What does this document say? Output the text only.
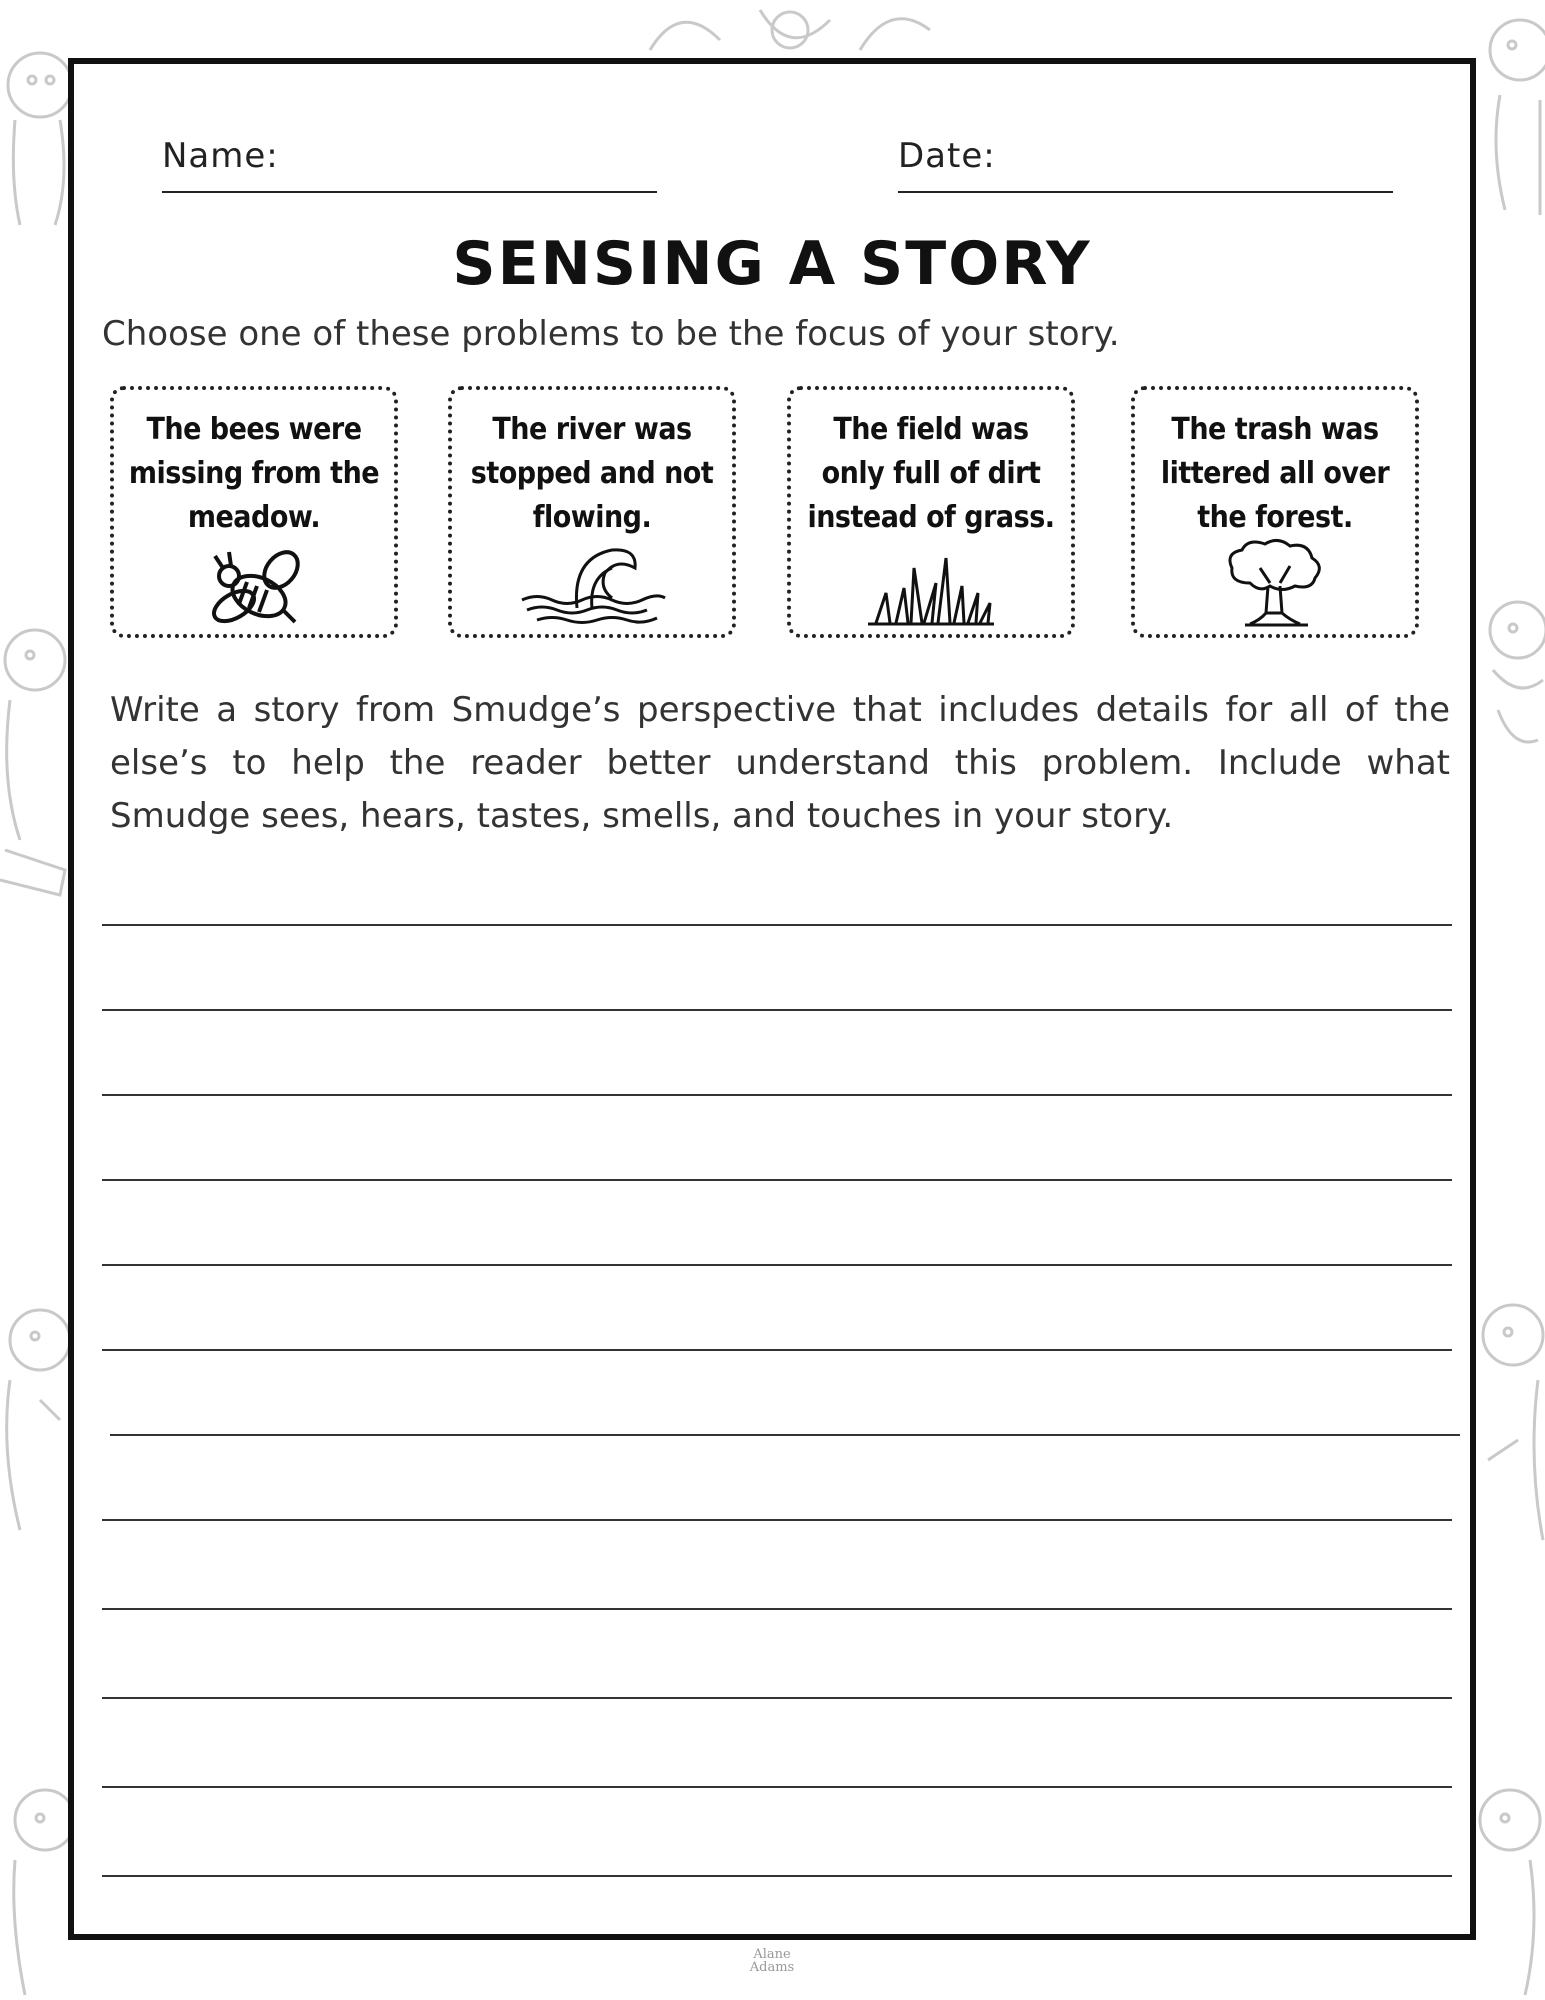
Name:	Date:
SENSING A STORY
Choose one of these problems to be the focus of your story.
The bees were missing from the meadow.
The river was stopped and not flowing.
The field was only full of dirt instead of grass.
The trash was littered all over the forest.
Write a story from Smudge’s perspective that includes details for all of the else’s to help the reader better understand this problem. Include what Smudge sees, hears, tastes, smells, and touches in your story.
Alane Adams
